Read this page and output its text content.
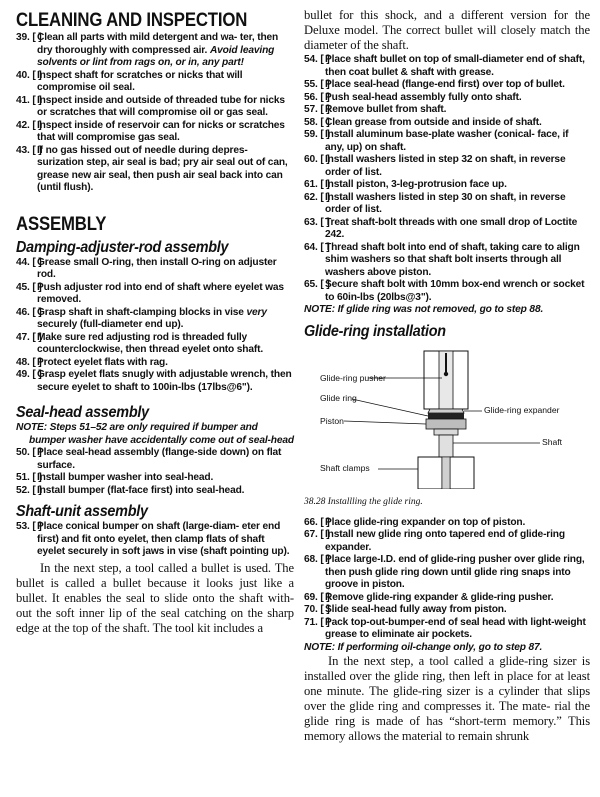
CLEANING AND INSPECTION
39. [ ]
Clean all parts with mild detergent and wa- ter, then dry thoroughly with compressed air. Avoid leaving solvents or lint from rags on, or in, any part!
40. [ ]
Inspect shaft for scratches or nicks that will compromise oil seal.
41. [ ]
Inspect inside and outside of threaded tube for nicks or scratches that will compromise oil or gas seal.
42. [ ]
Inspect inside of reservoir can for nicks or scratches that will compromise gas seal.
43. [ ]
If no gas hissed out of needle during depres- surization step, air seal is bad; pry air seal out of can, grease new air seal, then push air seal back into can (until flush).
ASSEMBLY
Damping-adjuster-rod assembly
44. [ ]
Grease small O-ring, then install O-ring on adjuster rod.
45. [ ]
Push adjuster rod into end of shaft where eyelet was removed.
46. [ ]
Grasp shaft in shaft-clamping blocks in vise very securely (full-diameter end up).
47. [ ]
Make sure red adjusting rod is threaded fully counterclockwise, then thread eyelet onto shaft.
48. [ ]
Protect eyelet flats with rag.
49. [ ]
Grasp eyelet flats snugly with adjustable wrench, then secure eyelet to shaft to 100in-lbs (17lbs@6").
Seal-head assembly
NOTE: Steps 51–52 are only required if bumper and bumper washer have accidentally come out of seal-head
50. [ ]
Place seal-head assembly (flange-side down) on flat surface.
51. [ ]
Install bumper washer into seal-head.
52. [ ]
Install bumper (flat-face first) into seal-head.
Shaft-unit assembly
53. [ ]
Place conical bumper on shaft (large-diam- eter end first) and fit onto eyelet, then clamp flats of shaft eyelet securely in soft jaws in vise (shaft pointing up).
In the next step, a tool called a bullet is used. The bullet is called a bullet because it looks just like a bullet. It enables the seal to slide onto the shaft with- out the soft inner lip of the seal catching on the sharp edge at the top of the shaft. The tool kit includes a
bullet for this shock, and a different version for the Deluxe model. The correct bullet will closely match the diameter of the shaft.
54. [ ]
Place shaft bullet on top of small-diameter end of shaft, then coat bullet & shaft with grease.
55. [ ]
Place seal-head (flange-end first) over top of bullet.
56. [ ]
Push seal-head assembly fully onto shaft.
57. [ ]
Remove bullet from shaft.
58. [ ]
Clean grease from outside and inside of shaft.
59. [ ]
Install aluminum base-plate washer (conical- face, if any, up) on shaft.
60. [ ]
Install washers listed in step 32 on shaft, in reverse order of list.
61. [ ]
Install piston, 3-leg-protrusion face up.
62. [ ]
Install washers listed in step 30 on shaft, in reverse order of list.
63. [ ]
Treat shaft-bolt threads with one small drop of Loctite 242.
64. [ ]
Thread shaft bolt into end of shaft, taking care to align shim washers so that shaft bolt inserts through all washers above piston.
65. [ ]
Secure shaft bolt with 10mm box-end wrench or socket to 60in-lbs (20lbs@3").
NOTE: If glide ring was not removed, go to step 88.
Glide-ring installation
Glide-ring pusher
Glide ring
Glide-ring expander
Piston
Shaft
Shaft clamps
38.28 Installling the glide ring.
66. [ ]
Place glide-ring expander on top of piston.
67. [ ]
Install new glide ring onto tapered end of glide-ring expander.
68. [ ]
Place large-I.D. end of glide-ring pusher over glide ring, then push glide ring down until glide ring snaps into groove in piston.
69. [ ]
Remove glide-ring expander & glide-ring pusher.
70. [ ]
Slide seal-head fully away from piston.
71. [ ]
Pack top-out-bumper-end of seal head with light-weight grease to eliminate air pockets.
NOTE: If performing oil-change only, go to step 87.
In the next step, a tool called a glide-ring sizer is installed over the glide ring, then left in place for at least one minute. The glide-ring sizer is a cylinder that slips over the glide ring and compresses it. The mate- rial the glide ring is made of has “short-term memory.” This memory allows the material to remain shrunk
